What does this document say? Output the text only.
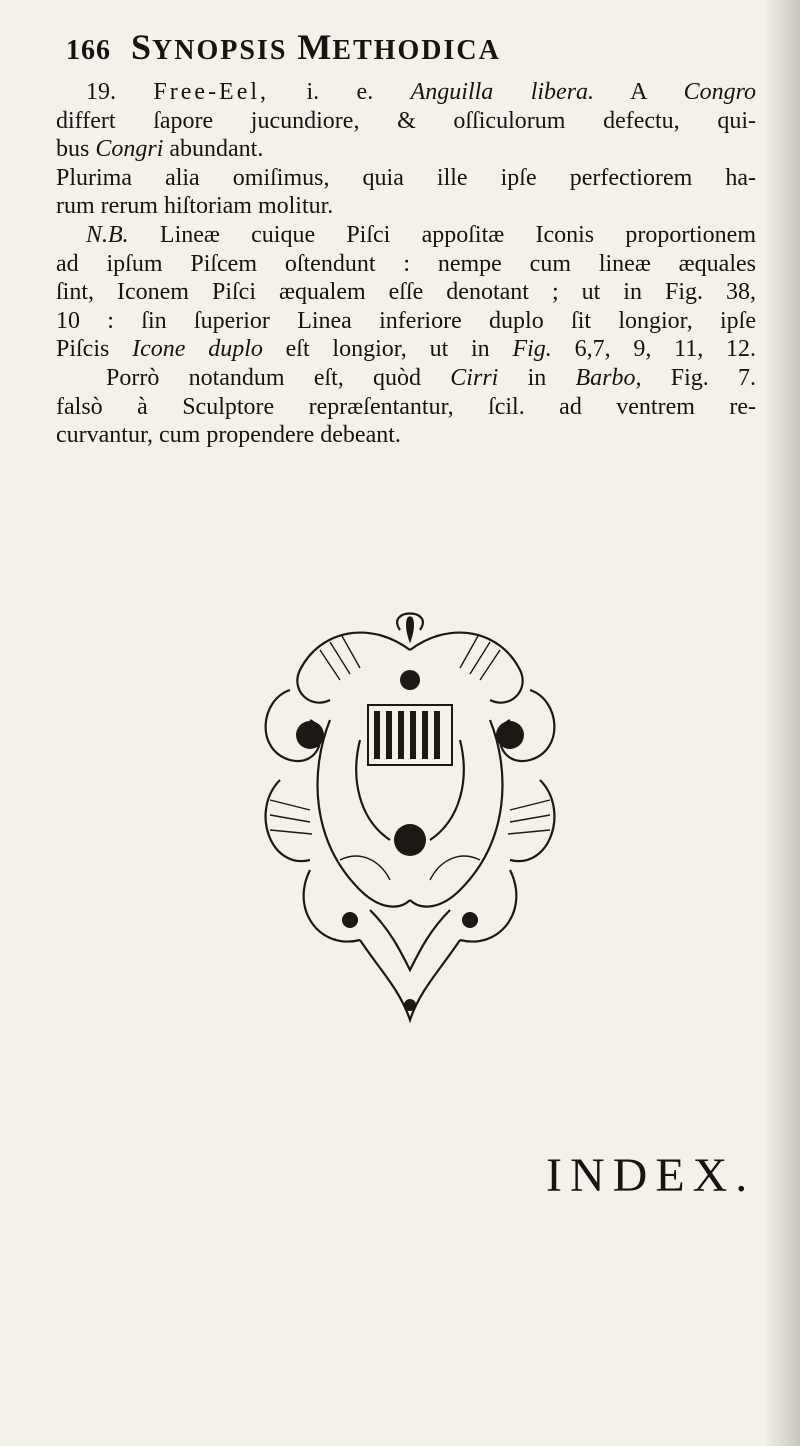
166 SYNOPSIS METHODICA
19. Free-Eel, i. e. Anguilla libera. A Congro
differt ſapore jucundiore, & oſſiculorum defectu, qui-
bus Congri abundant.
Plurima alia omiſimus, quia ille ipſe perfectiorem ha-
rum rerum hiſtoriam molitur.
N.B. Lineæ cuique Piſci appoſitæ Iconis proportionem
ad ipſum Piſcem oſtendunt : nempe cum lineæ æquales
ſint, Iconem Piſci æqualem eſſe denotant ; ut in Fig. 38,
10 : ſin ſuperior Linea inferiore duplo ſit longior, ipſe
Piſcis Icone duplo eſt longior, ut in Fig. 6,7, 9, 11, 12.
Porrò notandum eſt, quòd Cirri in Barbo, Fig. 7.
falsò à Sculptore repræſentantur, ſcil. ad ventrem re-
curvantur, cum propendere debeant.
INDEX.
